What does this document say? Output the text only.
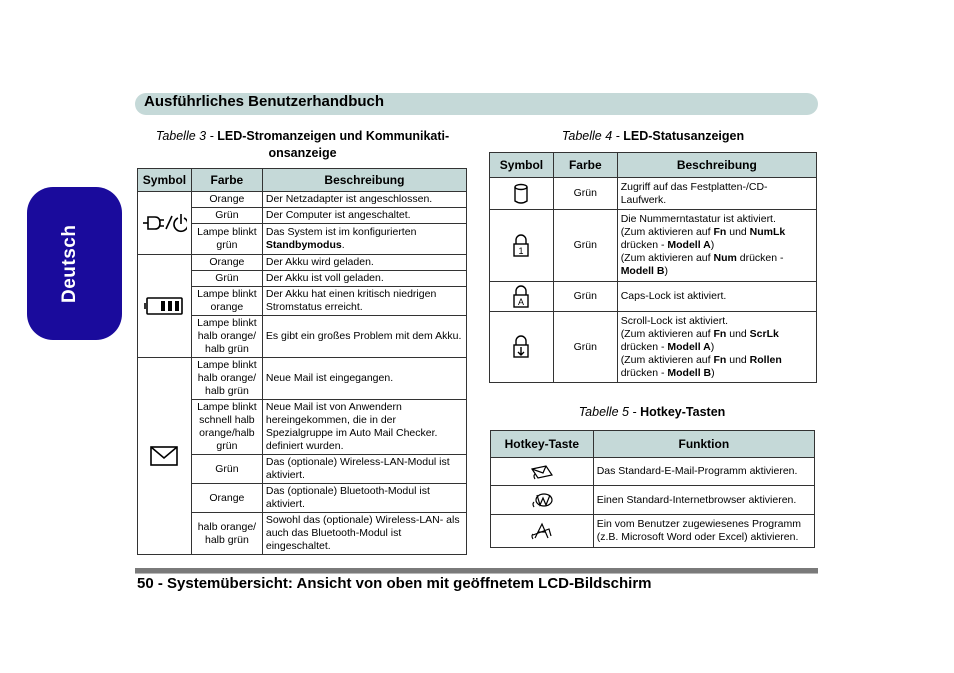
Ausführliches Benutzerhandbuch
Deutsch
Tabelle 3 - LED-Stromanzeigen und Kommunikati-
onsanzeige
Symbol	Farbe	Beschreibung

	Orange	Der Netzadapter ist angeschlossen.
	Grün	Der Computer ist angeschaltet.
	Lampe blinkt grün	Das System ist im konfigurierten Standbymodus.

	Orange	Der Akku wird geladen.
	Grün	Der Akku ist voll geladen.
	Lampe blinkt orange	Der Akku hat einen kritisch niedrigen Stromstatus erreicht.
	Lampe blinkt halb orange/ halb grün	Es gibt ein großes Problem mit dem Akku.

	Lampe blinkt halb orange/ halb grün	Neue Mail ist eingegangen.
	Lampe blinkt schnell halb orange/halb grün	Neue Mail ist von Anwendern hereingekommen, die in der Spezialgruppe im Auto Mail Checker. definiert wurden.
	Grün	Das (optionale) Wireless-LAN-Modul ist aktiviert.
	Orange	Das (optionale) Bluetooth-Modul ist aktiviert.
	halb orange/ halb grün	Sowohl das (optionale) Wireless-LAN- als auch das Bluetooth-Modul ist eingeschaltet.
Tabelle 4 - LED-Statusanzeigen
Symbol	Farbe	Beschreibung

	Grün	Zugriff auf das Festplatten-/CD-Laufwerk.

1	Grün	Die Nummerntastatur ist aktiviert.
(Zum aktivieren auf Fn und NumLk
drücken - Modell A)
(Zum aktivieren auf Num drücken -
Modell B)

A	Grün	Caps-Lock ist aktiviert.

	Grün	Scroll-Lock ist aktiviert.
(Zum aktivieren auf Fn und ScrLk
drücken - Modell A)
(Zum aktivieren auf Fn und Rollen
drücken - Modell B)
Tabelle 5 - Hotkey-Tasten
Hotkey-Taste	Funktion

	Das Standard-E-Mail-Programm aktivieren.

	Einen Standard-Internetbrowser aktivieren.

	Ein vom Benutzer zugewiesenes Programm (z.B. Microsoft Word oder Excel) aktivieren.
50 - Systemübersicht: Ansicht von oben mit geöffnetem LCD-Bildschirm
